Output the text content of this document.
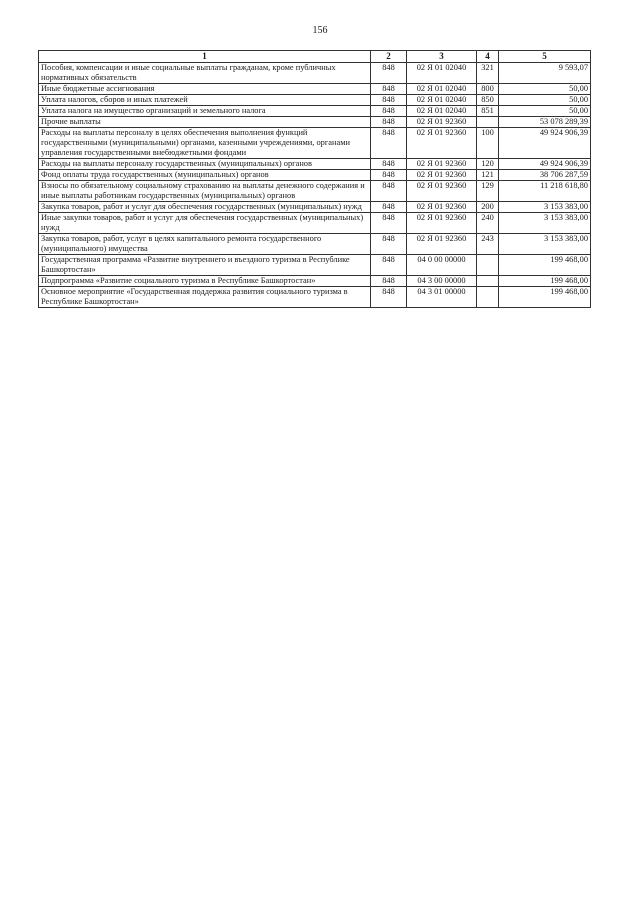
156
1	2	3	4	5
Пособия, компенсации и иные социальные выплаты гражданам, кроме публичных нормативных обязательств	848	02 Я 01 02040	321	9 593,07
Иные бюджетные ассигнования	848	02 Я 01 02040	800	50,00
Уплата налогов, сборов и иных платежей	848	02 Я 01 02040	850	50,00
Уплата налога на имущество организаций и земельного налога	848	02 Я 01 02040	851	50,00
Прочие выплаты	848	02 Я 01 92360		53 078 289,39
Расходы на выплаты персоналу в целях обеспечения выполнения функций государственными (муниципальными) органами, казенными учреждениями, органами управления государственными внебюджетными фондами	848	02 Я 01 92360	100	49 924 906,39
Расходы на выплаты персоналу государственных (муниципальных) органов	848	02 Я 01 92360	120	49 924 906,39
Фонд оплаты труда государственных (муниципальных) органов	848	02 Я 01 92360	121	38 706 287,59
Взносы по обязательному социальному страхованию на выплаты денежного содержания и иные выплаты работникам государственных (муниципальных) органов	848	02 Я 01 92360	129	11 218 618,80
Закупка товаров, работ и услуг для обеспечения государственных (муниципальных) нужд	848	02 Я 01 92360	200	3 153 383,00
Иные закупки товаров, работ и услуг для обеспечения государственных (муниципальных) нужд	848	02 Я 01 92360	240	3 153 383,00
Закупка товаров, работ, услуг в целях капитального ремонта государственного (муниципального) имущества	848	02 Я 01 92360	243	3 153 383,00
Государственная программа «Развитие внутреннего и въездного туризма в Республике Башкортостан»	848	04 0 00 00000		199 468,00
Подпрограмма «Развитие социального туризма в Республике Башкортостан»	848	04 3 00 00000		199 468,00
Основное мероприятие «Государственная поддержка развития социального туризма в Республике Башкортостан»	848	04 3 01 00000		199 468,00
